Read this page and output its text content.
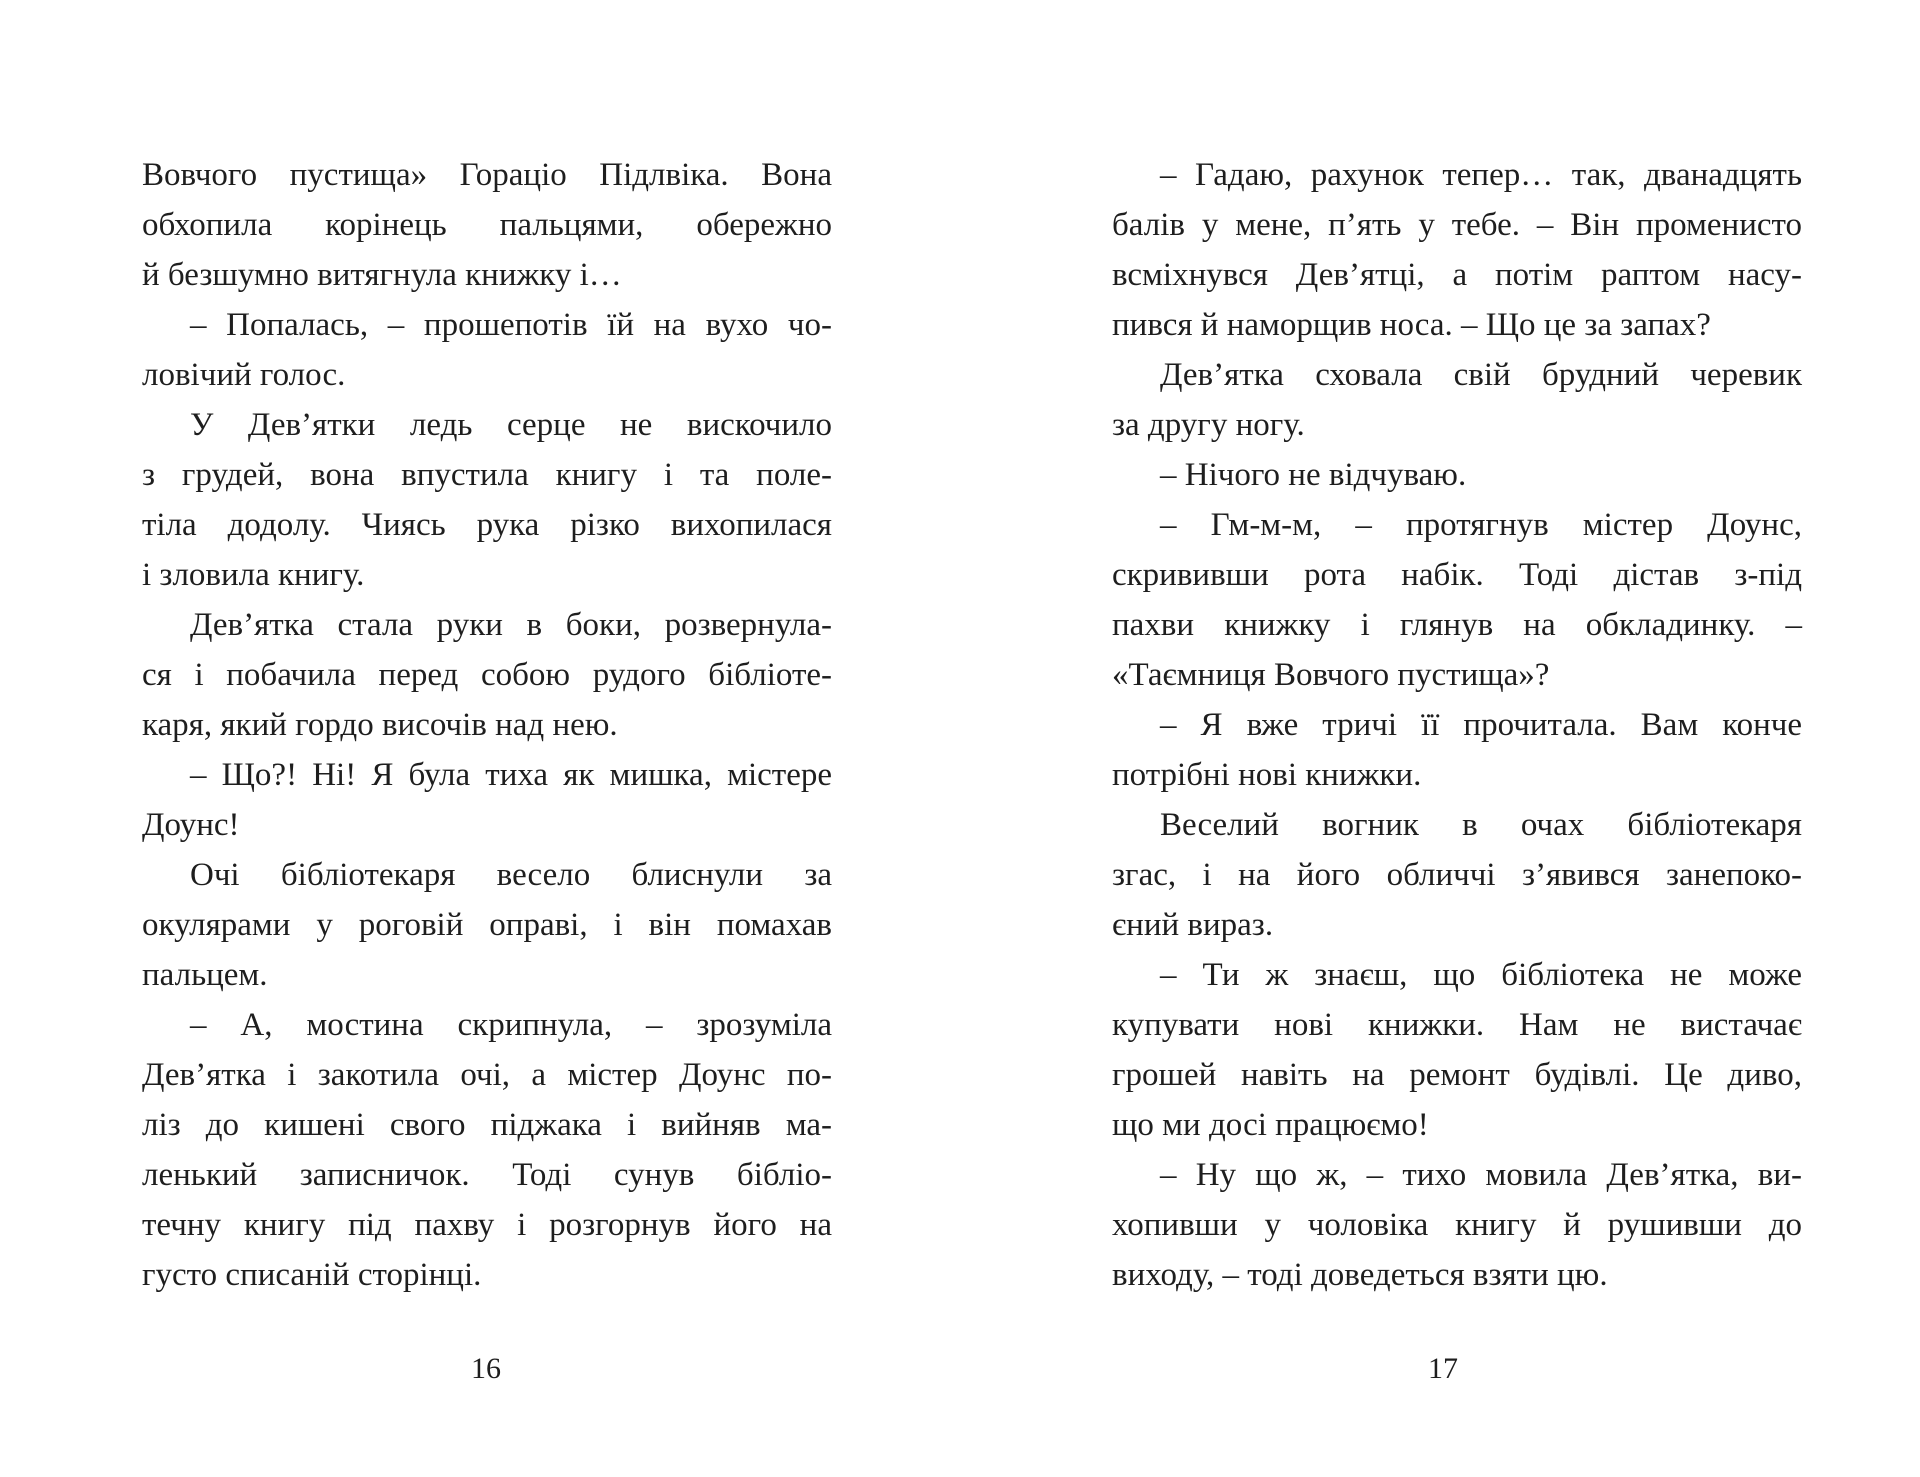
Вовчого пустища» Гораціо Підлвіка. Вона
обхопила корінець пальцями, обережно
й безшумно витягнула книжку і…
– Попалась, – прошепотів їй на вухо чо-
ловічий голос.
У Дев’ятки ледь серце не вискочило
з грудей, вона впустила книгу і та поле-
тіла додолу. Чиясь рука різко вихопилася
і зловила книгу.
Дев’ятка стала руки в боки, розвернула-
ся і побачила перед собою рудого бібліоте-
каря, який гордо височів над нею.
– Що?! Ні! Я була тиха як мишка, містере
Доунс!
Очі бібліотекаря весело блиснули за
окулярами у роговій оправі, і він помахав
пальцем.
– А, мостина скрипнула, – зрозуміла
Дев’ятка і закотила очі, а містер Доунс по-
ліз до кишені свого піджака і вийняв ма-
ленький записничок. Тоді сунув бібліо-
течну книгу під пахву і розгорнув його на
густо списаній сторінці.
16
– Гадаю, рахунок тепер… так, дванадцять
балів у мене, п’ять у тебе. – Він променисто
всміхнувся Дев’ятці, а потім раптом насу-
пився й наморщив носа. – Що це за запах?
Дев’ятка сховала свій брудний черевик
за другу ногу.
– Нічого не відчуваю.
– Гм-м-м, – протягнув містер Доунс,
скрививши рота набік. Тоді дістав з-під
пахви книжку і глянув на обкладинку. –
«Таємниця Вовчого пустища»?
– Я вже тричі її прочитала. Вам конче
потрібні нові книжки.
Веселий вогник в очах бібліотекаря
згас, і на його обличчі з’явився занепоко-
єний вираз.
– Ти ж знаєш, що бібліотека не може
купувати нові книжки. Нам не вистачає
грошей навіть на ремонт будівлі. Це диво,
що ми досі працюємо!
– Ну що ж, – тихо мовила Дев’ятка, ви-
хопивши у чоловіка книгу й рушивши до
виходу, – тоді доведеться взяти цю.
17
